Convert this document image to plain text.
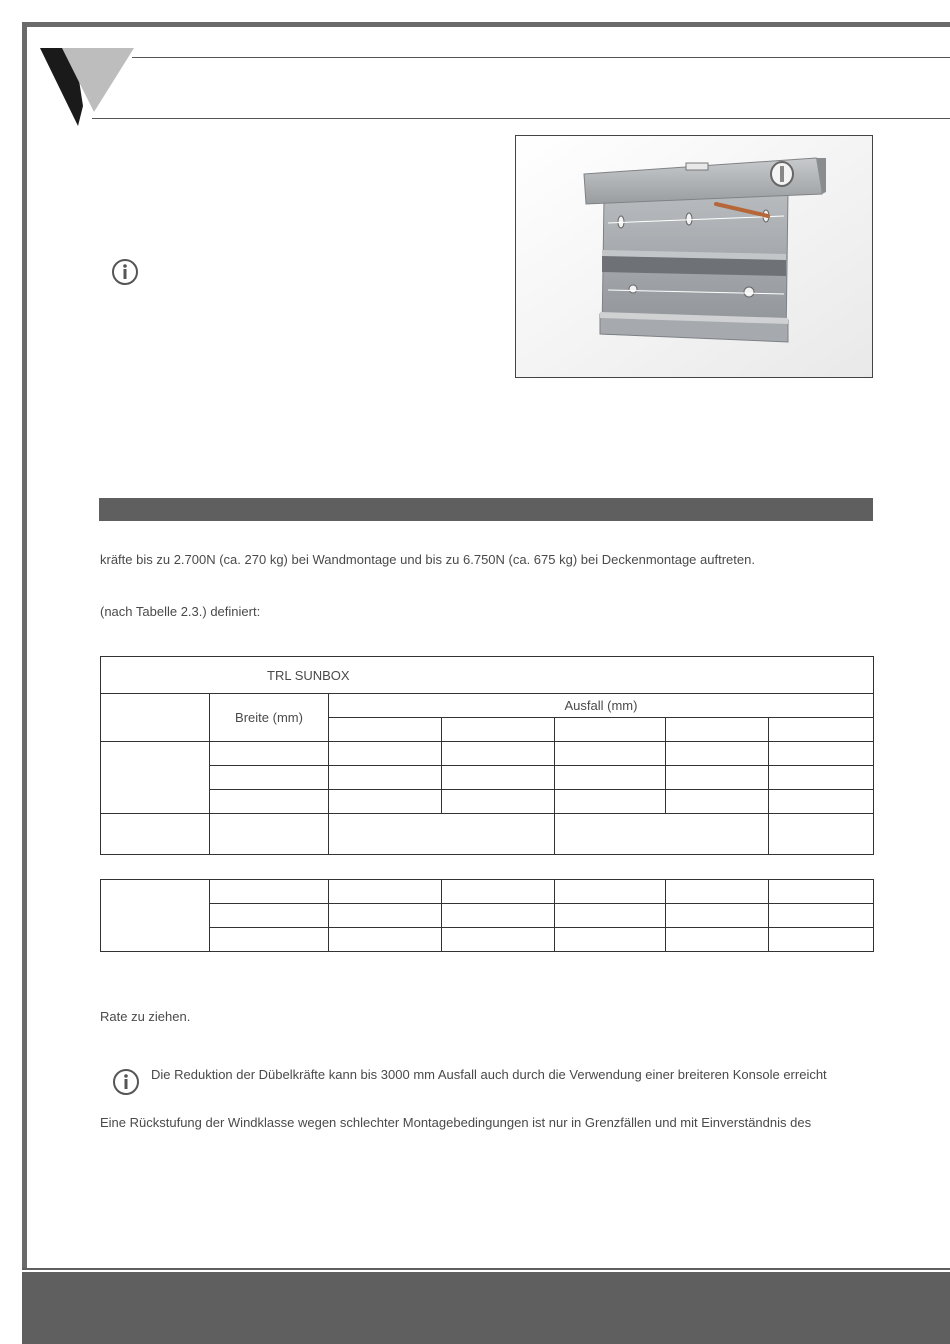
kräfte bis zu 2.700N (ca. 270 kg) bei Wandmontage und bis zu 6.750N (ca. 675 kg) bei Deckenmontage auftreten.
(nach Tabelle 2.3.) definiert:
TRL SUNBOX						
	Breite (mm)	Ausfall (mm)				

Rate zu ziehen.
Die Reduktion der Dübelkräfte kann bis 3000 mm Ausfall auch durch die Verwendung einer breiteren Konsole erreicht
Eine Rückstufung der Windklasse wegen schlechter Montagebedingungen ist nur in Grenzfällen und mit Einverständnis des
